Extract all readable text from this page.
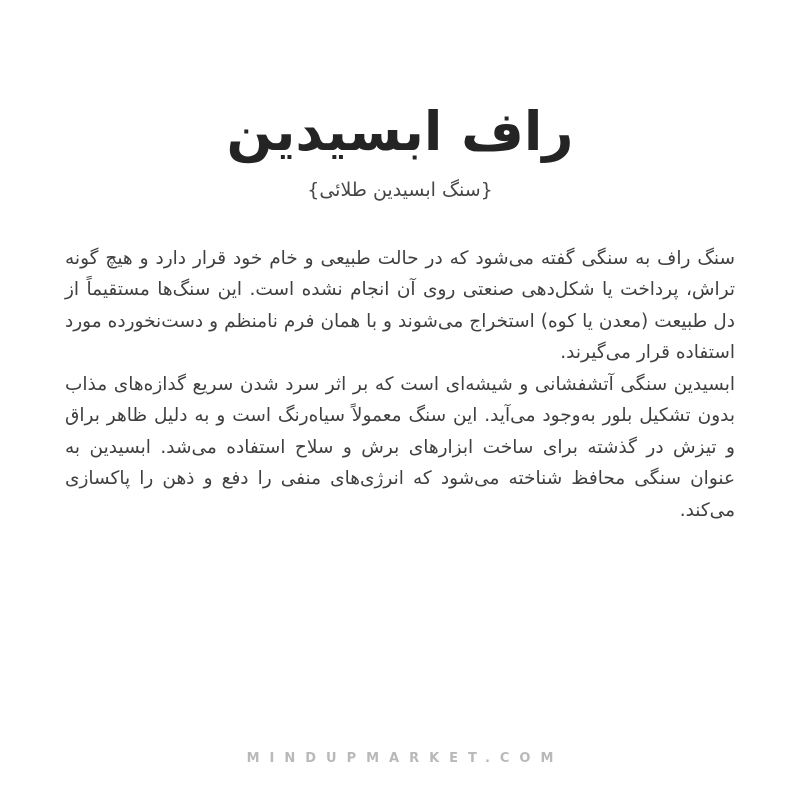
راف ابسیدین
{سنگ ابسیدین طلائی}

سنگ راف به سنگی گفته می‌شود که در حالت طبیعی و خام خود قرار دارد و هیچ گونه تراش، پرداخت یا شکل‌دهی صنعتی روی آن انجام نشده است. این سنگ‌ها مستقیماً از دل طبیعت (معدن یا کوه) استخراج می‌شوند و با همان فرم نامنظم و دست‌نخورده مورد استفاده قرار می‌گیرند.

ابسیدین سنگی آتشفشانی و شیشه‌ای است که بر اثر سرد شدن سریع گدازه‌های مذاب بدون تشکیل بلور به‌وجود می‌آید. این سنگ معمولاً سیاه‌رنگ است و به دلیل ظاهر براق و تیزش در گذشته برای ساخت ابزارهای برش و سلاح استفاده می‌شد. ابسیدین به عنوان سنگی محافظ شناخته می‌شود که انرژی‌های منفی را دفع و ذهن را پاکسازی می‌کند.

MINDUPMARKET.COM
